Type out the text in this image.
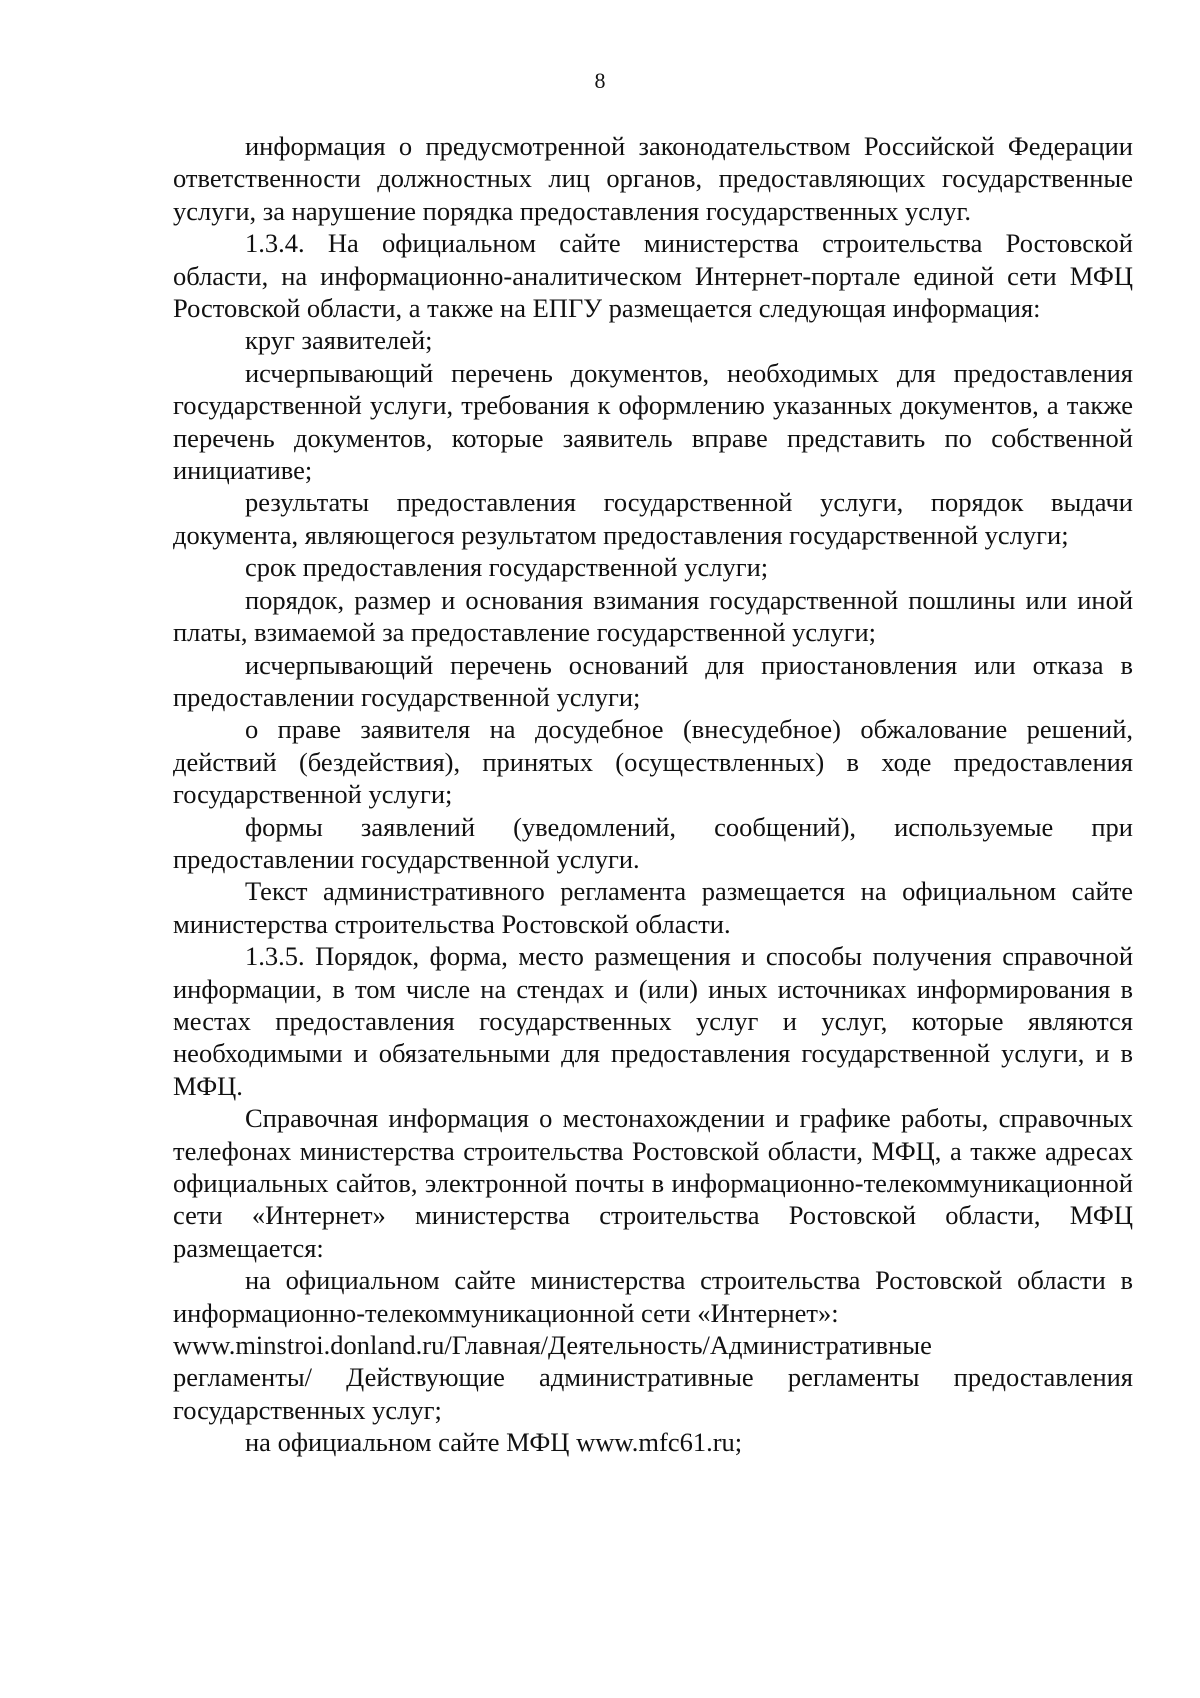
8

информация о предусмотренной законодательством Российской Федерации ответственности должностных лиц органов, предоставляющих государственные услуги, за нарушение порядка предоставления государственных услуг.

1.3.4. На официальном сайте министерства строительства Ростовской области, на информационно-аналитическом Интернет-портале единой сети МФЦ Ростовской области, а также на ЕПГУ размещается следующая информация:

круг заявителей;

исчерпывающий перечень документов, необходимых для предоставления государственной услуги, требования к оформлению указанных документов, а также перечень документов, которые заявитель вправе представить по собственной инициативе;

результаты предоставления государственной услуги, порядок выдачи документа, являющегося результатом предоставления государственной услуги;

срок предоставления государственной услуги;

порядок, размер и основания взимания государственной пошлины или иной платы, взимаемой за предоставление государственной услуги;

исчерпывающий перечень оснований для приостановления или отказа в предоставлении государственной услуги;

о праве заявителя на досудебное (внесудебное) обжалование решений, действий (бездействия), принятых (осуществленных) в ходе предоставления государственной услуги;

формы заявлений (уведомлений, сообщений), используемые при предоставлении государственной услуги.

Текст административного регламента размещается на официальном сайте министерства строительства Ростовской области.

1.3.5. Порядок, форма, место размещения и способы получения справочной информации, в том числе на стендах и (или) иных источниках информирования в местах предоставления государственных услуг и услуг, которые являются необходимыми и обязательными для предоставления государственной услуги, и в МФЦ.

Справочная информация о местонахождении и графике работы, справочных телефонах министерства строительства Ростовской области, МФЦ, а также адресах официальных сайтов, электронной почты в информационно-телекоммуникационной сети «Интернет» министерства строительства Ростовской области, МФЦ размещается:

на официальном сайте министерства строительства Ростовской области в информационно-телекоммуникационной сети «Интернет»:
www.minstroi.donland.ru/Главная/Деятельность/Административные
регламенты/ Действующие административные регламенты предоставления государственных услуг;

на официальном сайте МФЦ www.mfc61.ru;
